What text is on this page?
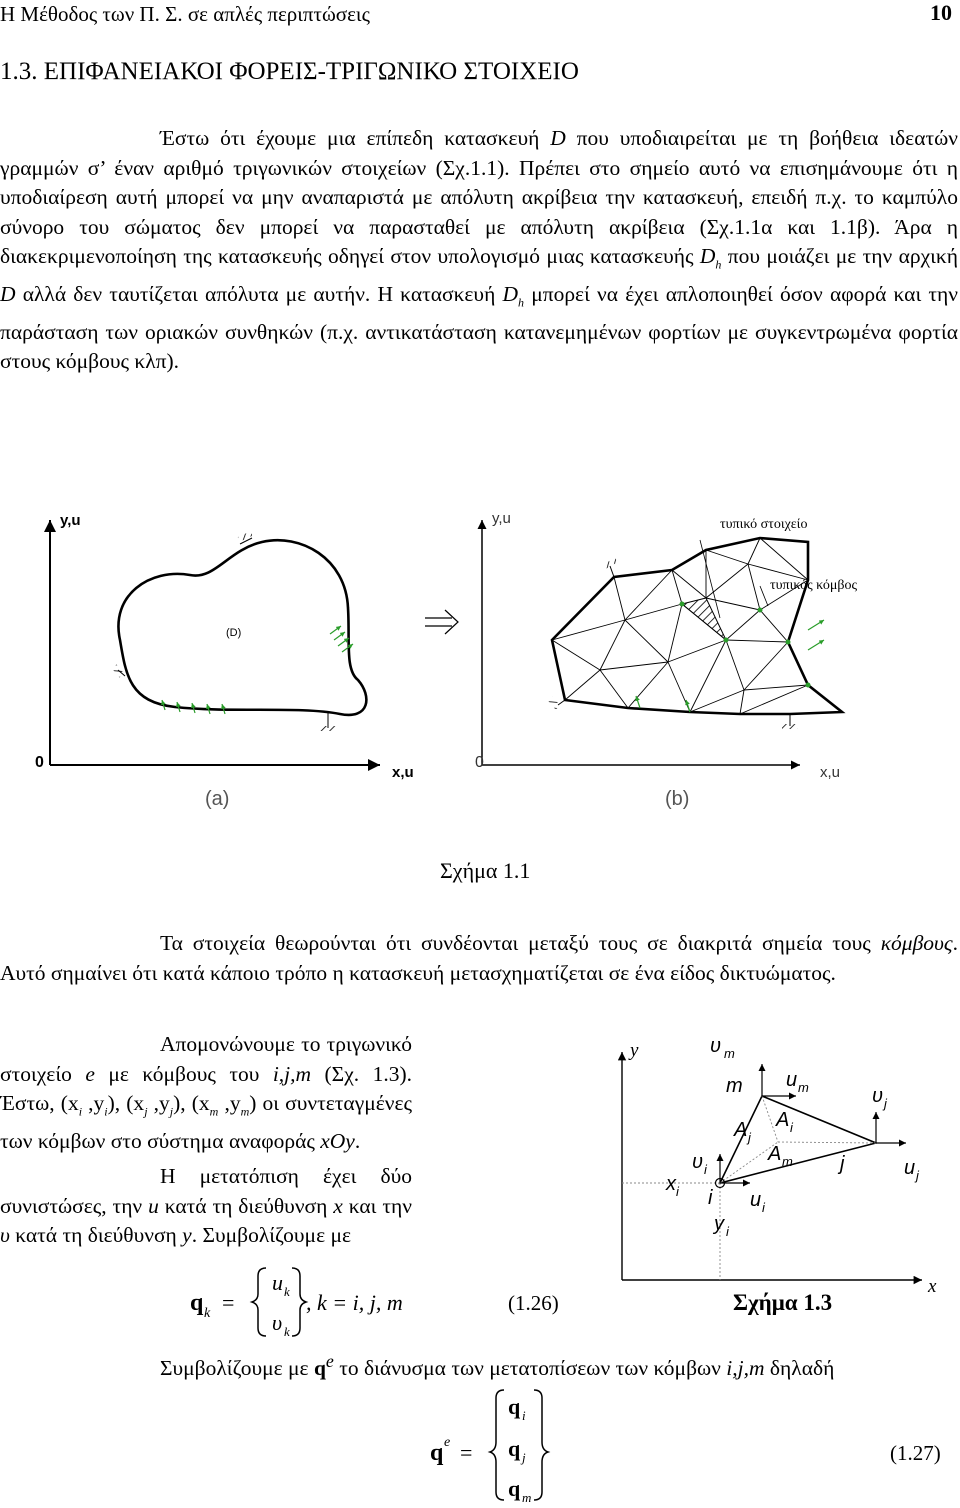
Η Μέθοδος των Π. Σ. σε απλές περιπτώσεις	10
1.3. ΕΠΙΦΑΝΕΙΑΚΟΙ ΦΟΡΕΙΣ-ΤΡΙΓΩΝΙΚΟ ΣΤΟΙΧΕΙΟ
Έστω ότι έχουμε μια επίπεδη κατασκευή D που υποδιαιρείται με τη βοήθεια ιδεατών γραμμών σ’ έναν αριθμό τριγωνικών στοιχείων (Σχ.1.1). Πρέπει στο σημείο αυτό να επισημάνουμε ότι η υποδιαίρεση αυτή μπορεί να μην αναπαριστά με απόλυτη ακρίβεια την κατασκευή, επειδή π.χ. το καμπύλο σύνορο του σώματος δεν μπορεί να παρασταθεί με απόλυτη ακρίβεια (Σχ.1.1α και 1.1β). Άρα η διακεκριμενοποίηση της κατασκευής οδηγεί στον υπολογισμό μιας κατασκευής $D_h$ που μοιάζει με την αρχική D αλλά δεν ταυτίζεται απόλυτα με αυτήν. Η κατασκευή $D_h$ μπορεί να έχει απλοποιηθεί όσον αφορά και την παράσταση των οριακών συνθηκών (π.χ. αντικατάσταση κατανεμημένων φορτίων με συγκεντρωμένα φορτία στους κόμβους κλπ).
y,u
x,u
0
(D)
(a)
y,u
x,u
0
τυπικό στοιχείο
τυπικός κόμβος
(b)
Σχήμα 1.1
Τα στοιχεία θεωρούνται ότι συνδέονται μεταξύ τους σε διακριτά σημεία τους κόμβους. Αυτό σημαίνει ότι κατά κάποιο τρόπο η κατασκευή μετασχηματίζεται σε ένα είδος δικτυώματος.
Απομονώνουμε το τριγωνικό στοιχείο e με κόμβους του i,j,m (Σχ. 1.3). Έστω, ($x_i$ $,y_i$), ($x_j$ $,y_j$), ($x_m$ $,y_m$) οι συντεταγμένες των κόμβων στο σύστημα αναφοράς xOy.
Η μετατόπιση έχει δύο συνιστώσες, την u κατά τη διεύθυνση x και την υ κατά τη διεύθυνση y. Συμβολίζουμε με
q k =
u k
υ k
, k = i, j, m	(1.26)
y
x
υ m
m u m
A i
A j
A m
υ j
j	u j
υ i
x i i u i
y i
Σχήμα 1.3
Συμβολίζουμε με $q^e$ το διάνυσμα των μετατοπίσεων των κόμβων i,j,m δηλαδή
q e =
q i
q j
q m
(1.27)
